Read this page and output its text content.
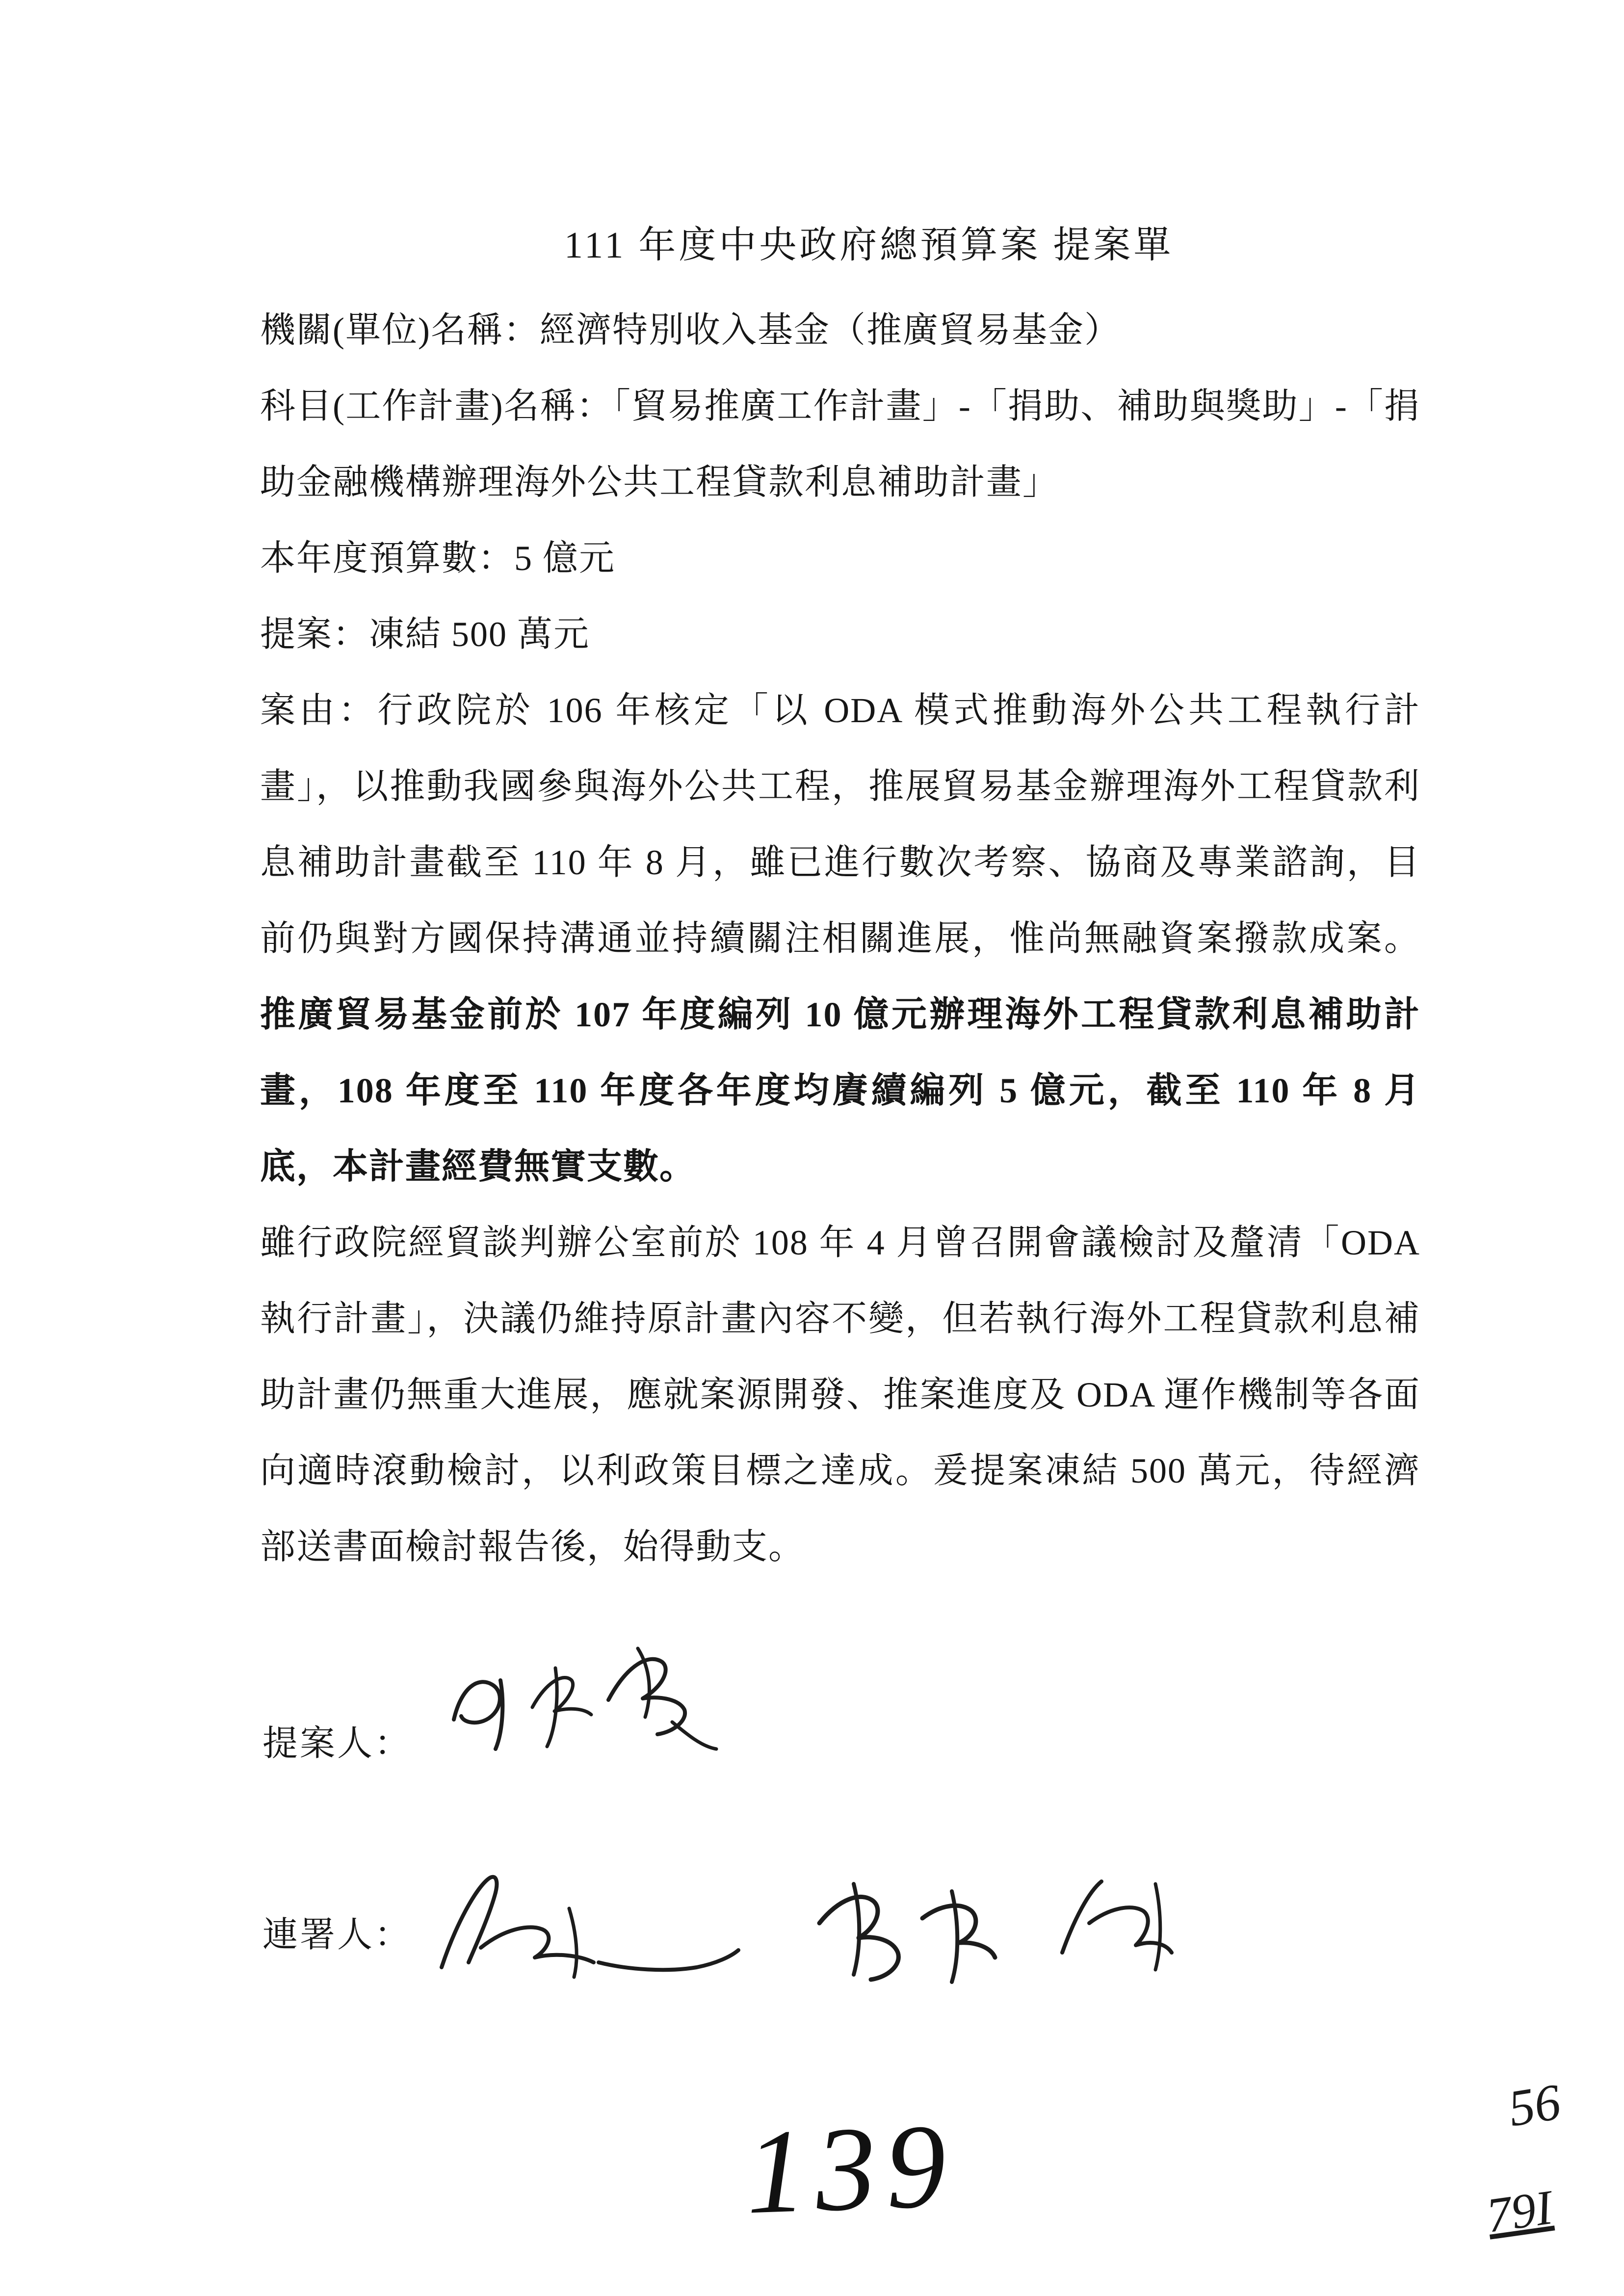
111 年度中央政府總預算案 提案單

機關(單位)名稱：經濟特別收入基金（推廣貿易基金）

科目(工作計畫)名稱：「貿易推廣工作計畫」-「捐助、補助與獎助」-「捐助金融機構辦理海外公共工程貸款利息補助計畫」

本年度預算數：5 億元

提案：凍結 500 萬元

案由：行政院於 106 年核定「以 ODA 模式推動海外公共工程執行計畫」，以推動我國參與海外公共工程，推展貿易基金辦理海外工程貸款利息補助計畫截至 110 年 8 月，雖已進行數次考察、協商及專業諮詢，目前仍與對方國保持溝通並持續關注相關進展，惟尚無融資案撥款成案。推廣貿易基金前於 107 年度編列 10 億元辦理海外工程貸款利息補助計畫，108 年度至 110 年度各年度均賡續編列 5 億元，截至 110 年 8 月底，本計畫經費無實支數。

雖行政院經貿談判辦公室前於 108 年 4 月曾召開會議檢討及釐清「ODA 執行計畫」，決議仍維持原計畫內容不變，但若執行海外工程貸款利息補助計畫仍無重大進展，應就案源開發、推案進度及 ODA 運作機制等各面向適時滾動檢討，以利政策目標之達成。爰提案凍結 500 萬元，待經濟部送書面檢討報告後，始得動支。

提案人：
連署人：
139	56
79I
